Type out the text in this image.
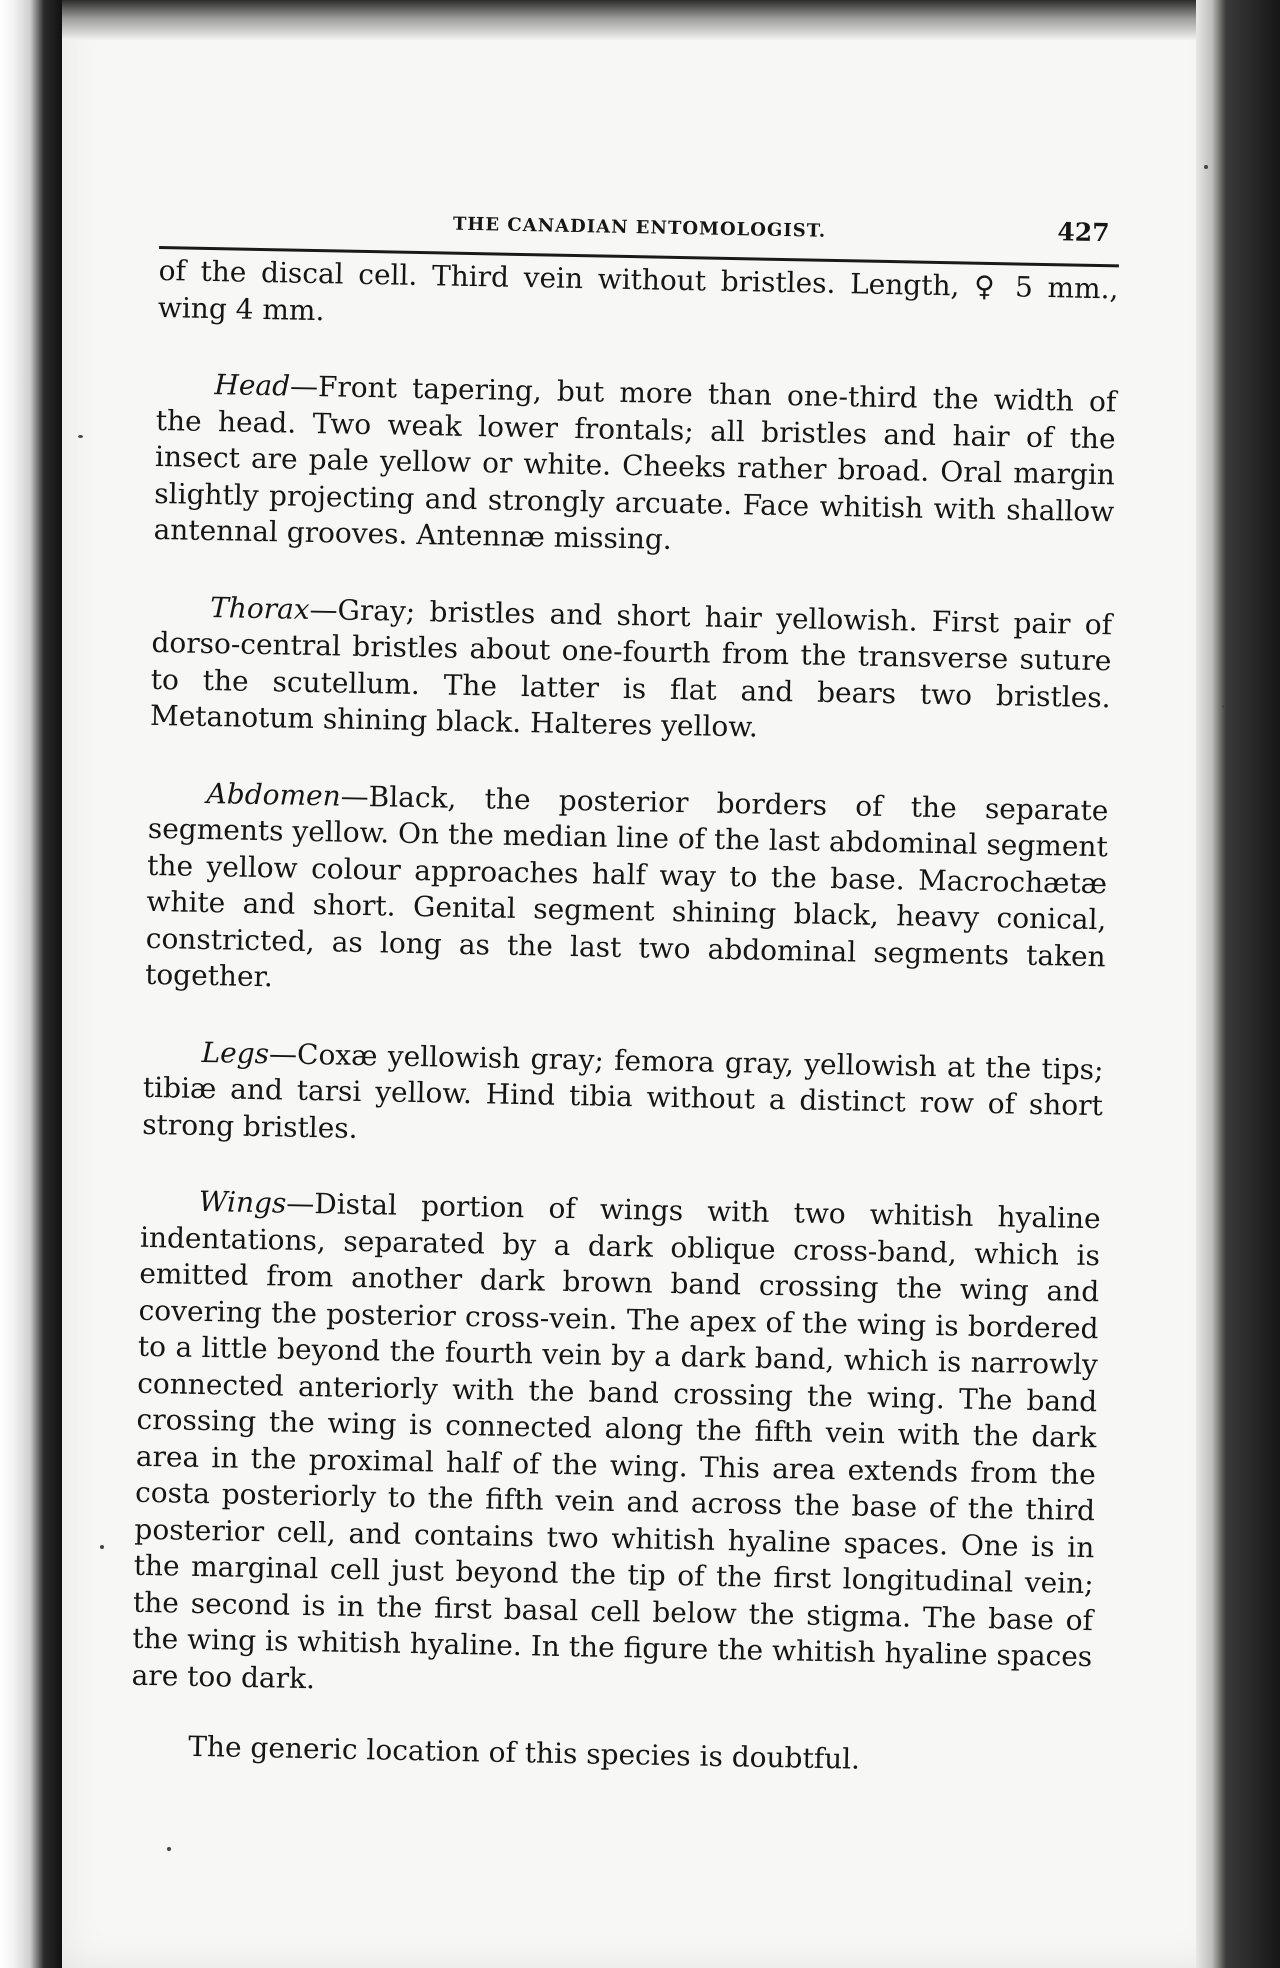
THE CANADIAN ENTOMOLOGIST.	427

of the discal cell. Third vein without bristles. Length, ♀ 5 mm., wing 4 mm.

Head—Front tapering, but more than one-third the width of the head. Two weak lower frontals; all bristles and hair of the insect are pale yellow or white. Cheeks rather broad. Oral margin slightly projecting and strongly arcuate. Face whitish with shallow antennal grooves. Antennæ missing.

Thorax—Gray; bristles and short hair yellowish. First pair of dorso-central bristles about one-fourth from the transverse suture to the scutellum. The latter is flat and bears two bristles. Metanotum shining black. Halteres yellow.

Abdomen—Black, the posterior borders of the separate segments yellow. On the median line of the last abdominal segment the yellow colour approaches half way to the base. Macrochætæ white and short. Genital segment shining black, heavy conical, constricted, as long as the last two abdominal segments taken together.

Legs—Coxæ yellowish gray; femora gray, yellowish at the tips; tibiæ and tarsi yellow. Hind tibia without a distinct row of short strong bristles.

Wings—Distal portion of wings with two whitish hyaline indentations, separated by a dark oblique cross-band, which is emitted from another dark brown band crossing the wing and covering the posterior cross-vein. The apex of the wing is bordered to a little beyond the fourth vein by a dark band, which is narrowly connected anteriorly with the band crossing the wing. The band crossing the wing is connected along the fifth vein with the dark area in the proximal half of the wing. This area extends from the costa posteriorly to the fifth vein and across the base of the third posterior cell, and contains two whitish hyaline spaces. One is in the marginal cell just beyond the tip of the first longitudinal vein; the second is in the first basal cell below the stigma. The base of the wing is whitish hyaline. In the figure the whitish hyaline spaces are too dark.

The generic location of this species is doubtful.
